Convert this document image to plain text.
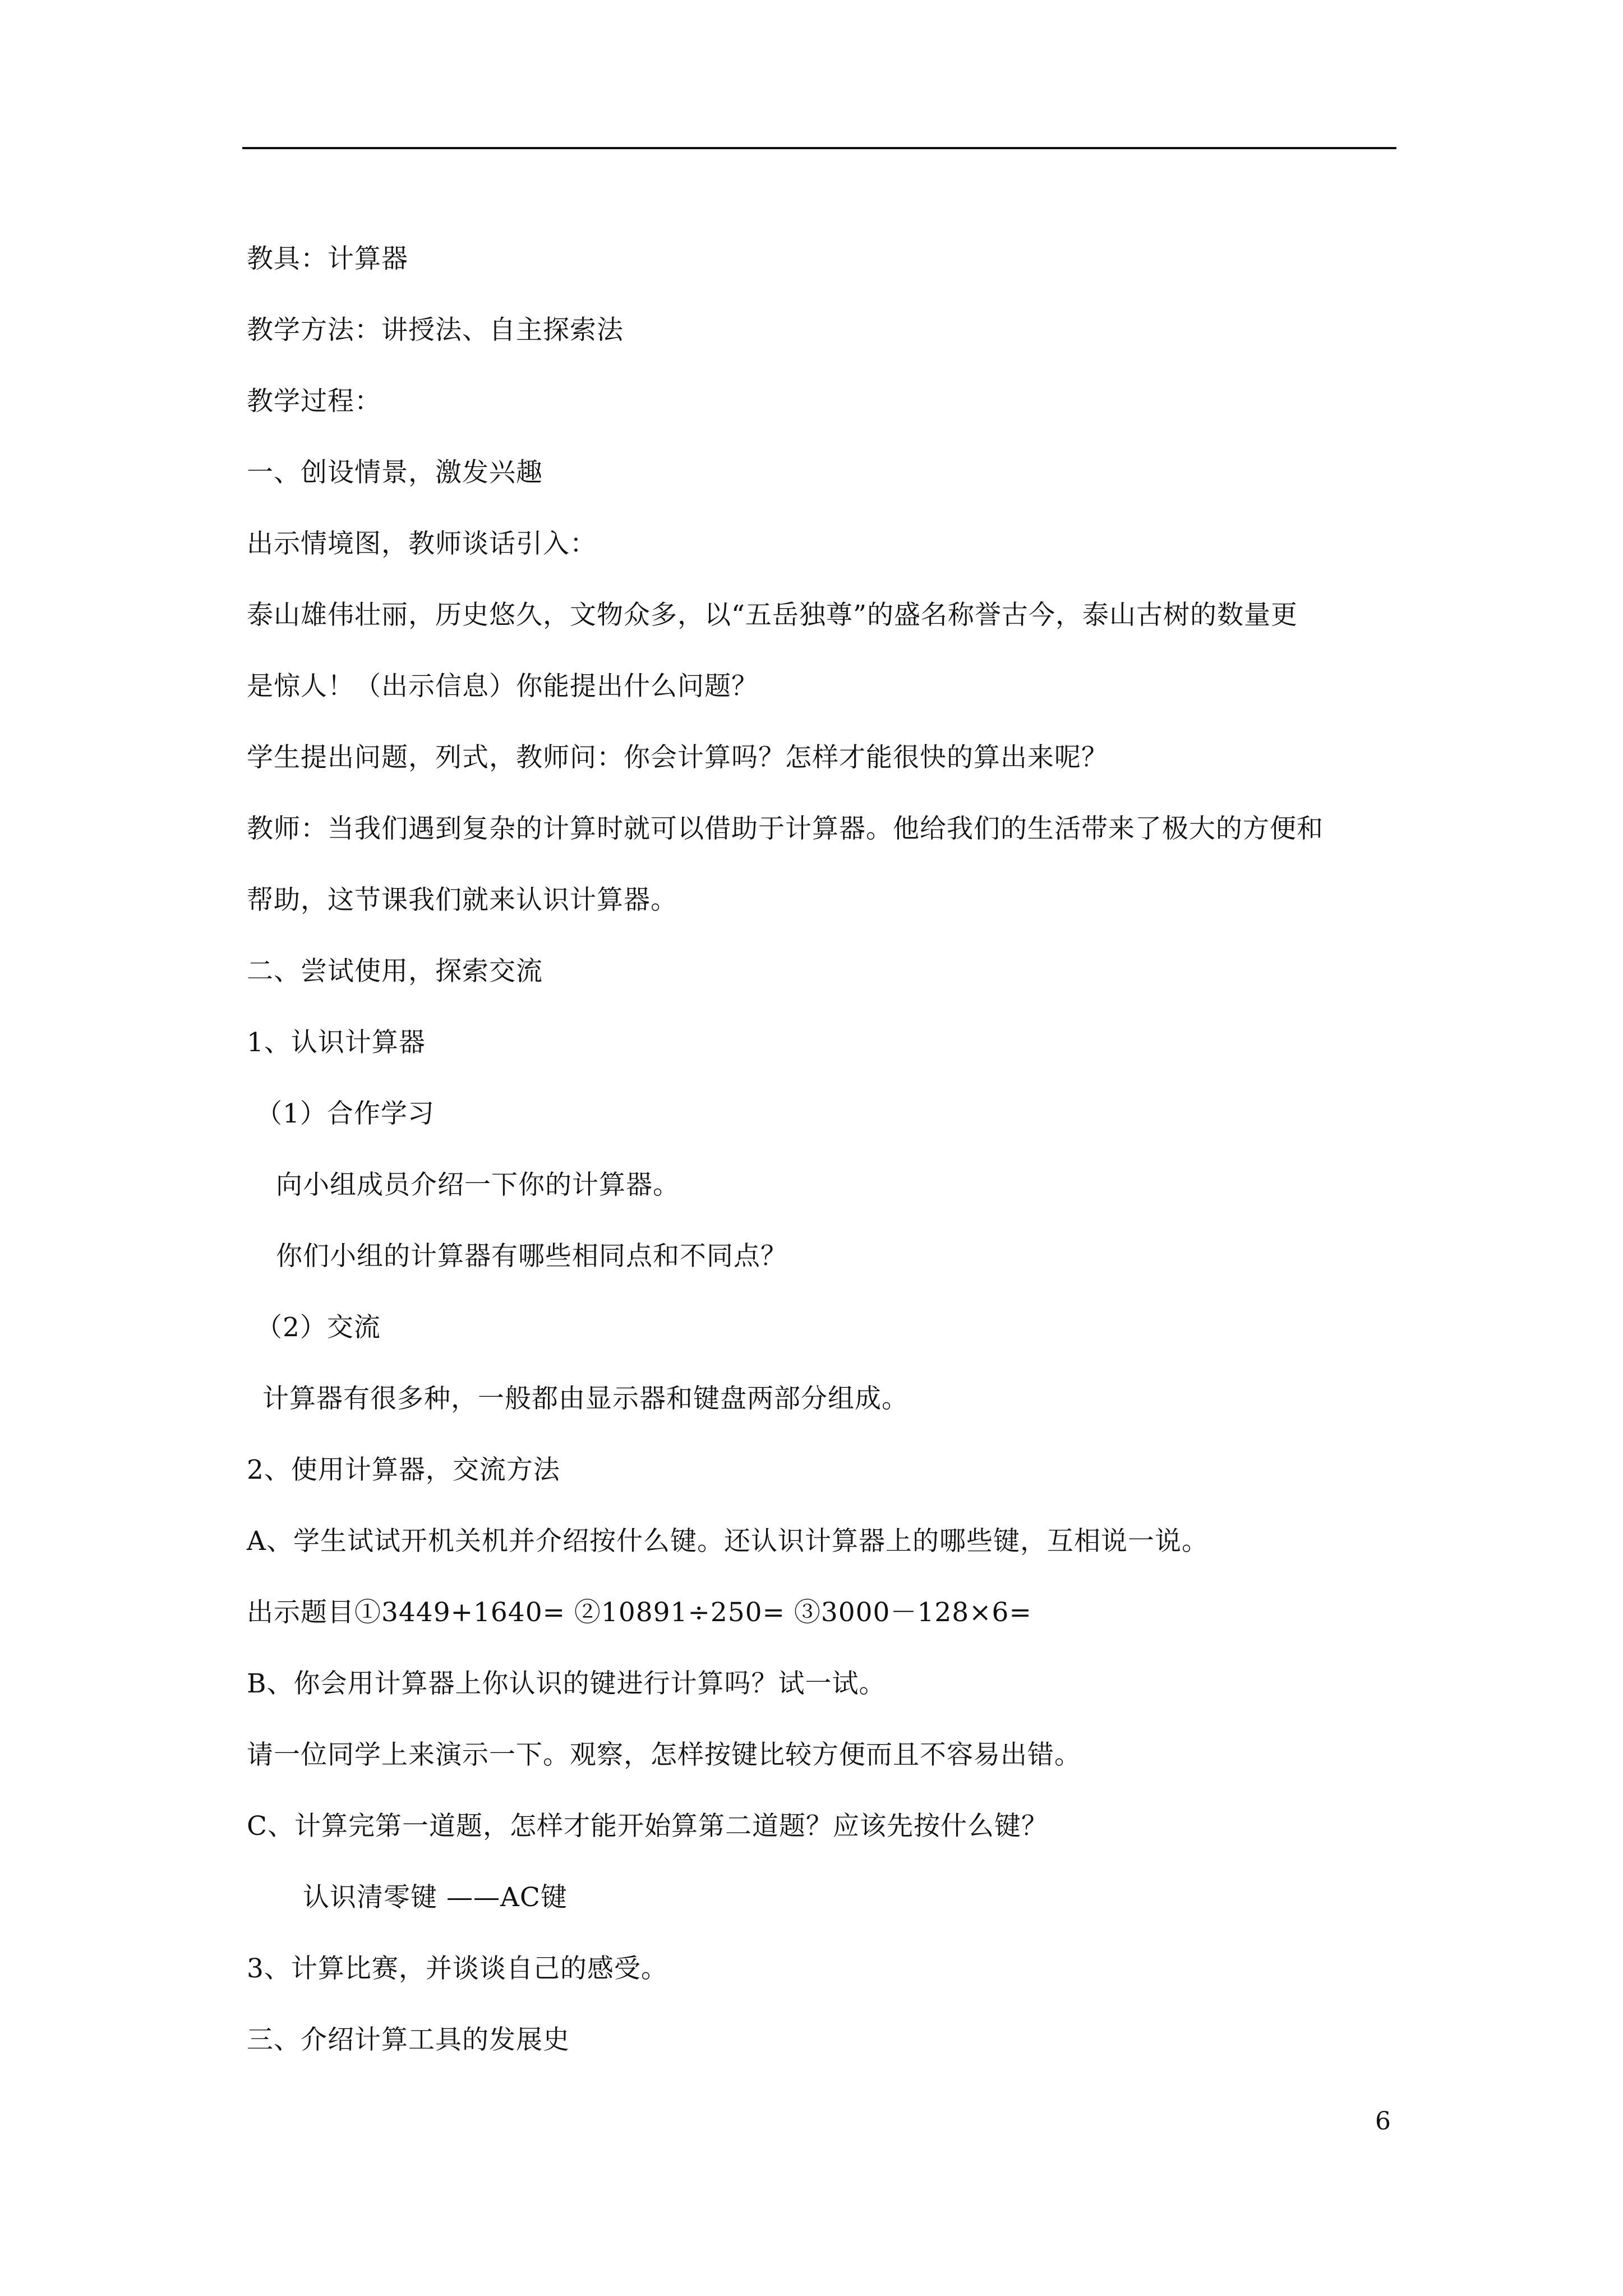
教具：计算器
教学方法：讲授法、自主探索法
教学过程：
一、创设情景，激发兴趣
出示情境图，教师谈话引入：
泰山雄伟壮丽，历史悠久，文物众多，以“五岳独尊”的盛名称誉古今，泰山古树的数量更
是惊人！（出示信息）你能提出什么问题？
学生提出问题，列式，教师问：你会计算吗？怎样才能很快的算出来呢？
教师：当我们遇到复杂的计算时就可以借助于计算器。他给我们的生活带来了极大的方便和
帮助，这节课我们就来认识计算器。
二、尝试使用，探索交流
1、认识计算器
（1）合作学习
向小组成员介绍一下你的计算器。
你们小组的计算器有哪些相同点和不同点？
（2）交流
计算器有很多种，一般都由显示器和键盘两部分组成。
2、使用计算器，交流方法
A、学生试试开机关机并介绍按什么键。还认识计算器上的哪些键，互相说一说。
出示题目①3449+1640= ②10891÷250= ③3000－128×6=
B、你会用计算器上你认识的键进行计算吗？试一试。
请一位同学上来演示一下。观察，怎样按键比较方便而且不容易出错。
C、计算完第一道题，怎样才能开始算第二道题？应该先按什么键？
认识清零键 ——AC键
3、计算比赛，并谈谈自己的感受。
三、介绍计算工具的发展史
6
